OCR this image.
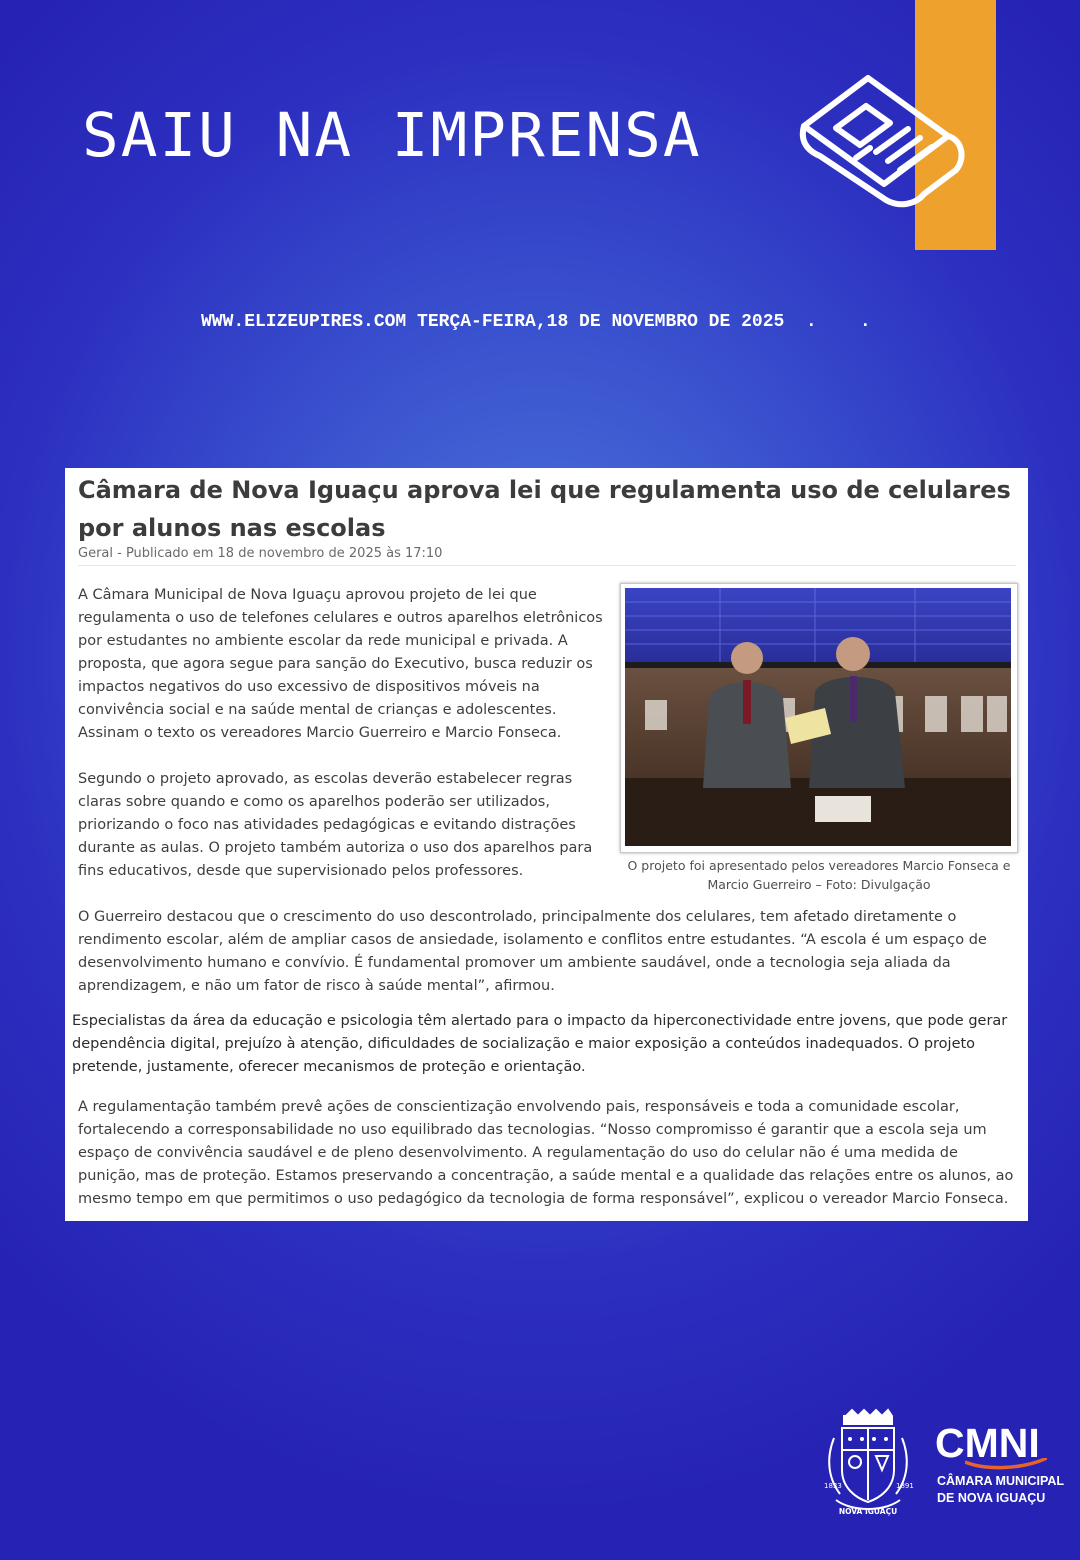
SAIU NA IMPRENSA

WWW.ELIZEUPIRES.COM TERÇA-FEIRA,18 DE NOVEMBRO DE 2025  .    .

Câmara de Nova Iguaçu aprova lei que regulamenta uso de celulares por alunos nas escolas

Geral - Publicado em 18 de novembro de 2025 às 17:10

A Câmara Municipal de Nova Iguaçu aprovou projeto de lei que regulamenta o uso de telefones celulares e outros aparelhos eletrônicos por estudantes no ambiente escolar da rede municipal e privada. A proposta, que agora segue para sanção do Executivo, busca reduzir os impactos negativos do uso excessivo de dispositivos móveis na convivência social e na saúde mental de crianças e adolescentes. Assinam o texto os vereadores Marcio Guerreiro e Marcio Fonseca.

Segundo o projeto aprovado, as escolas deverão estabelecer regras claras sobre quando e como os aparelhos poderão ser utilizados, priorizando o foco nas atividades pedagógicas e evitando distrações durante as aulas. O projeto também autoriza o uso dos aparelhos para fins educativos, desde que supervisionado pelos professores.	O projeto foi apresentado pelos vereadores Marcio Fonseca e Marcio Guerreiro – Foto: Divulgação

O Guerreiro destacou que o crescimento do uso descontrolado, principalmente dos celulares, tem afetado diretamente o rendimento escolar, além de ampliar casos de ansiedade, isolamento e conflitos entre estudantes. “A escola é um espaço de desenvolvimento humano e convívio. É fundamental promover um ambiente saudável, onde a tecnologia seja aliada da aprendizagem, e não um fator de risco à saúde mental”, afirmou.

Especialistas da área da educação e psicologia têm alertado para o impacto da hiperconectividade entre jovens, que pode gerar dependência digital, prejuízo à atenção, dificuldades de socialização e maior exposição a conteúdos inadequados. O projeto pretende, justamente, oferecer mecanismos de proteção e orientação.

A regulamentação também prevê ações de conscientização envolvendo pais, responsáveis e toda a comunidade escolar, fortalecendo a corresponsabilidade no uso equilibrado das tecnologias. “Nosso compromisso é garantir que a escola seja um espaço de convivência saudável e de pleno desenvolvimento. A regulamentação do uso do celular não é uma medida de punição, mas de proteção. Estamos preservando a concentração, a saúde mental e a qualidade das relações entre os alunos, ao mesmo tempo em que permitimos o uso pedagógico da tecnologia de forma responsável”, explicou o vereador Marcio Fonseca.

1833	1891
NOVA IGUAÇU

CMNI

CÂMARA MUNICIPAL

DE NOVA IGUAÇU
